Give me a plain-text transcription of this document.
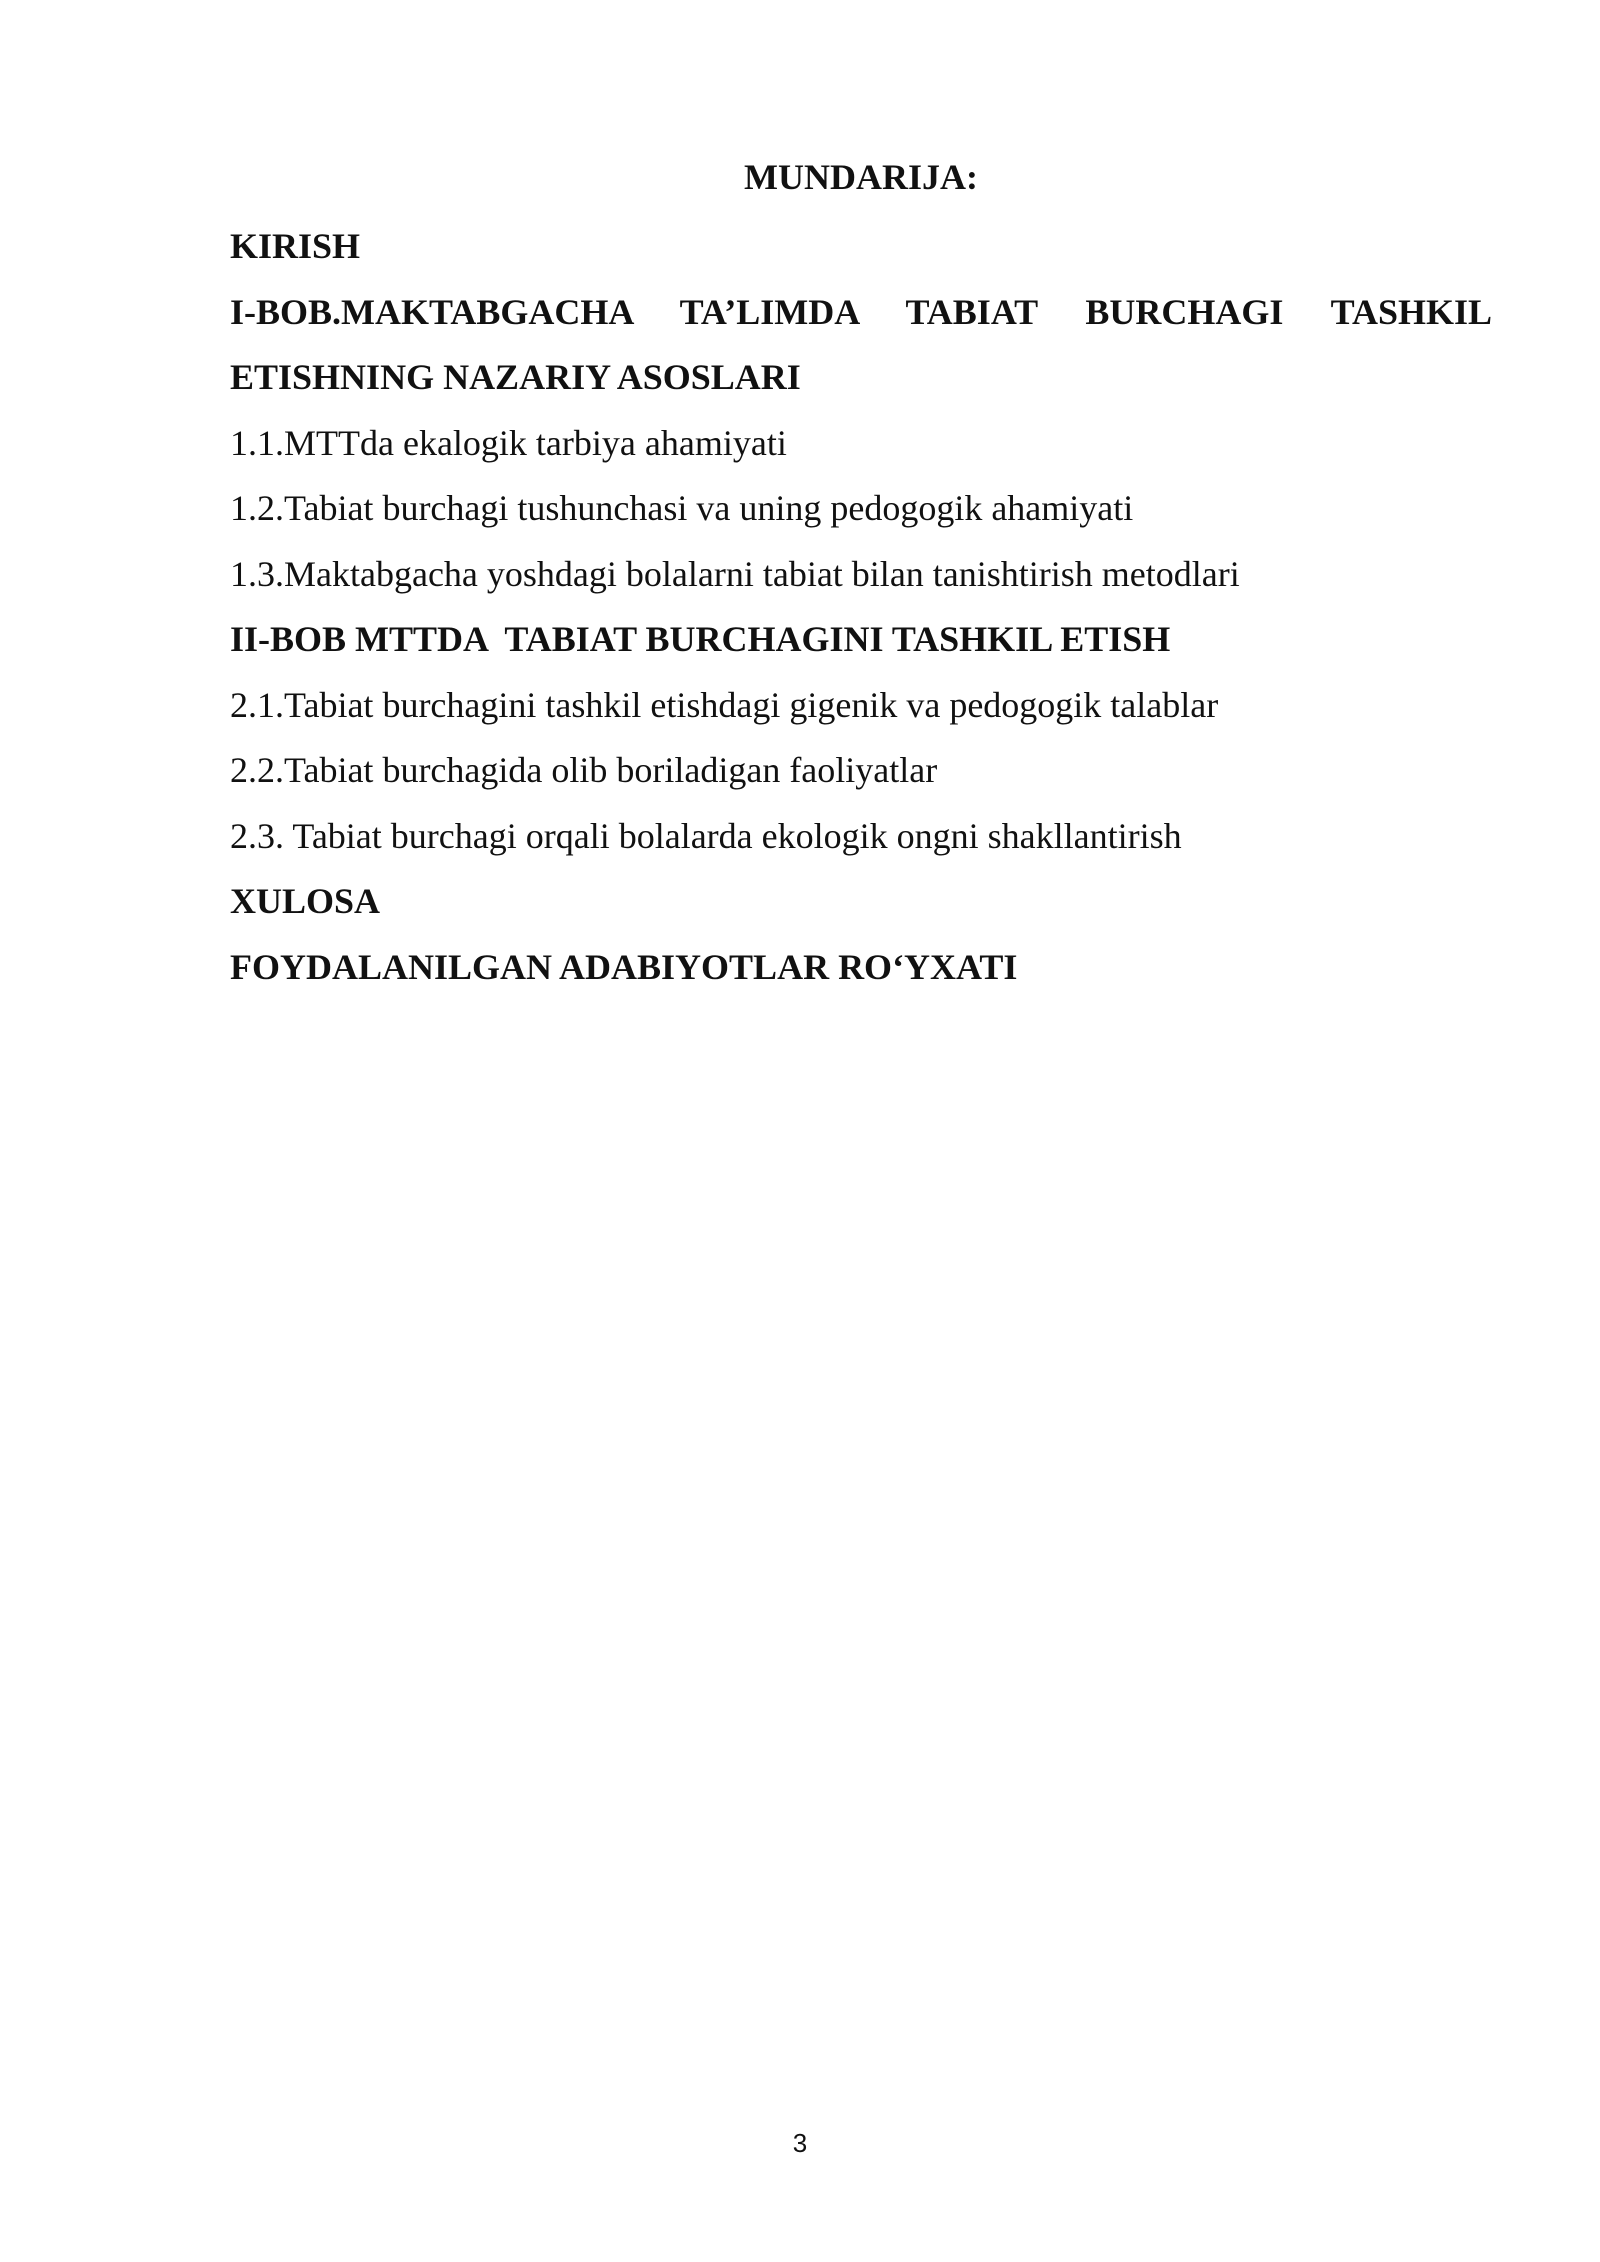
MUNDARIJA:
KIRISH
I-BOB.MAKTABGACHA TA’LIMDA TABIAT BURCHAGI TASHKIL
ETISHNING NAZARIY ASOSLARI
1.1.MTTda ekalogik tarbiya ahamiyati
1.2.Tabiat burchagi tushunchasi va uning pedogogik ahamiyati
1.3.Maktabgacha yoshdagi bolalarni tabiat bilan tanishtirish metodlari
II-BOB MTTDA  TABIAT BURCHAGINI TASHKIL ETISH
2.1.Tabiat burchagini tashkil etishdagi gigenik va pedogogik talablar
2.2.Tabiat burchagida olib boriladigan faoliyatlar
2.3. Tabiat burchagi orqali bolalarda ekologik ongni shakllantirish
XULOSA
FOYDALANILGAN ADABIYOTLAR RO‘YXATI
3
